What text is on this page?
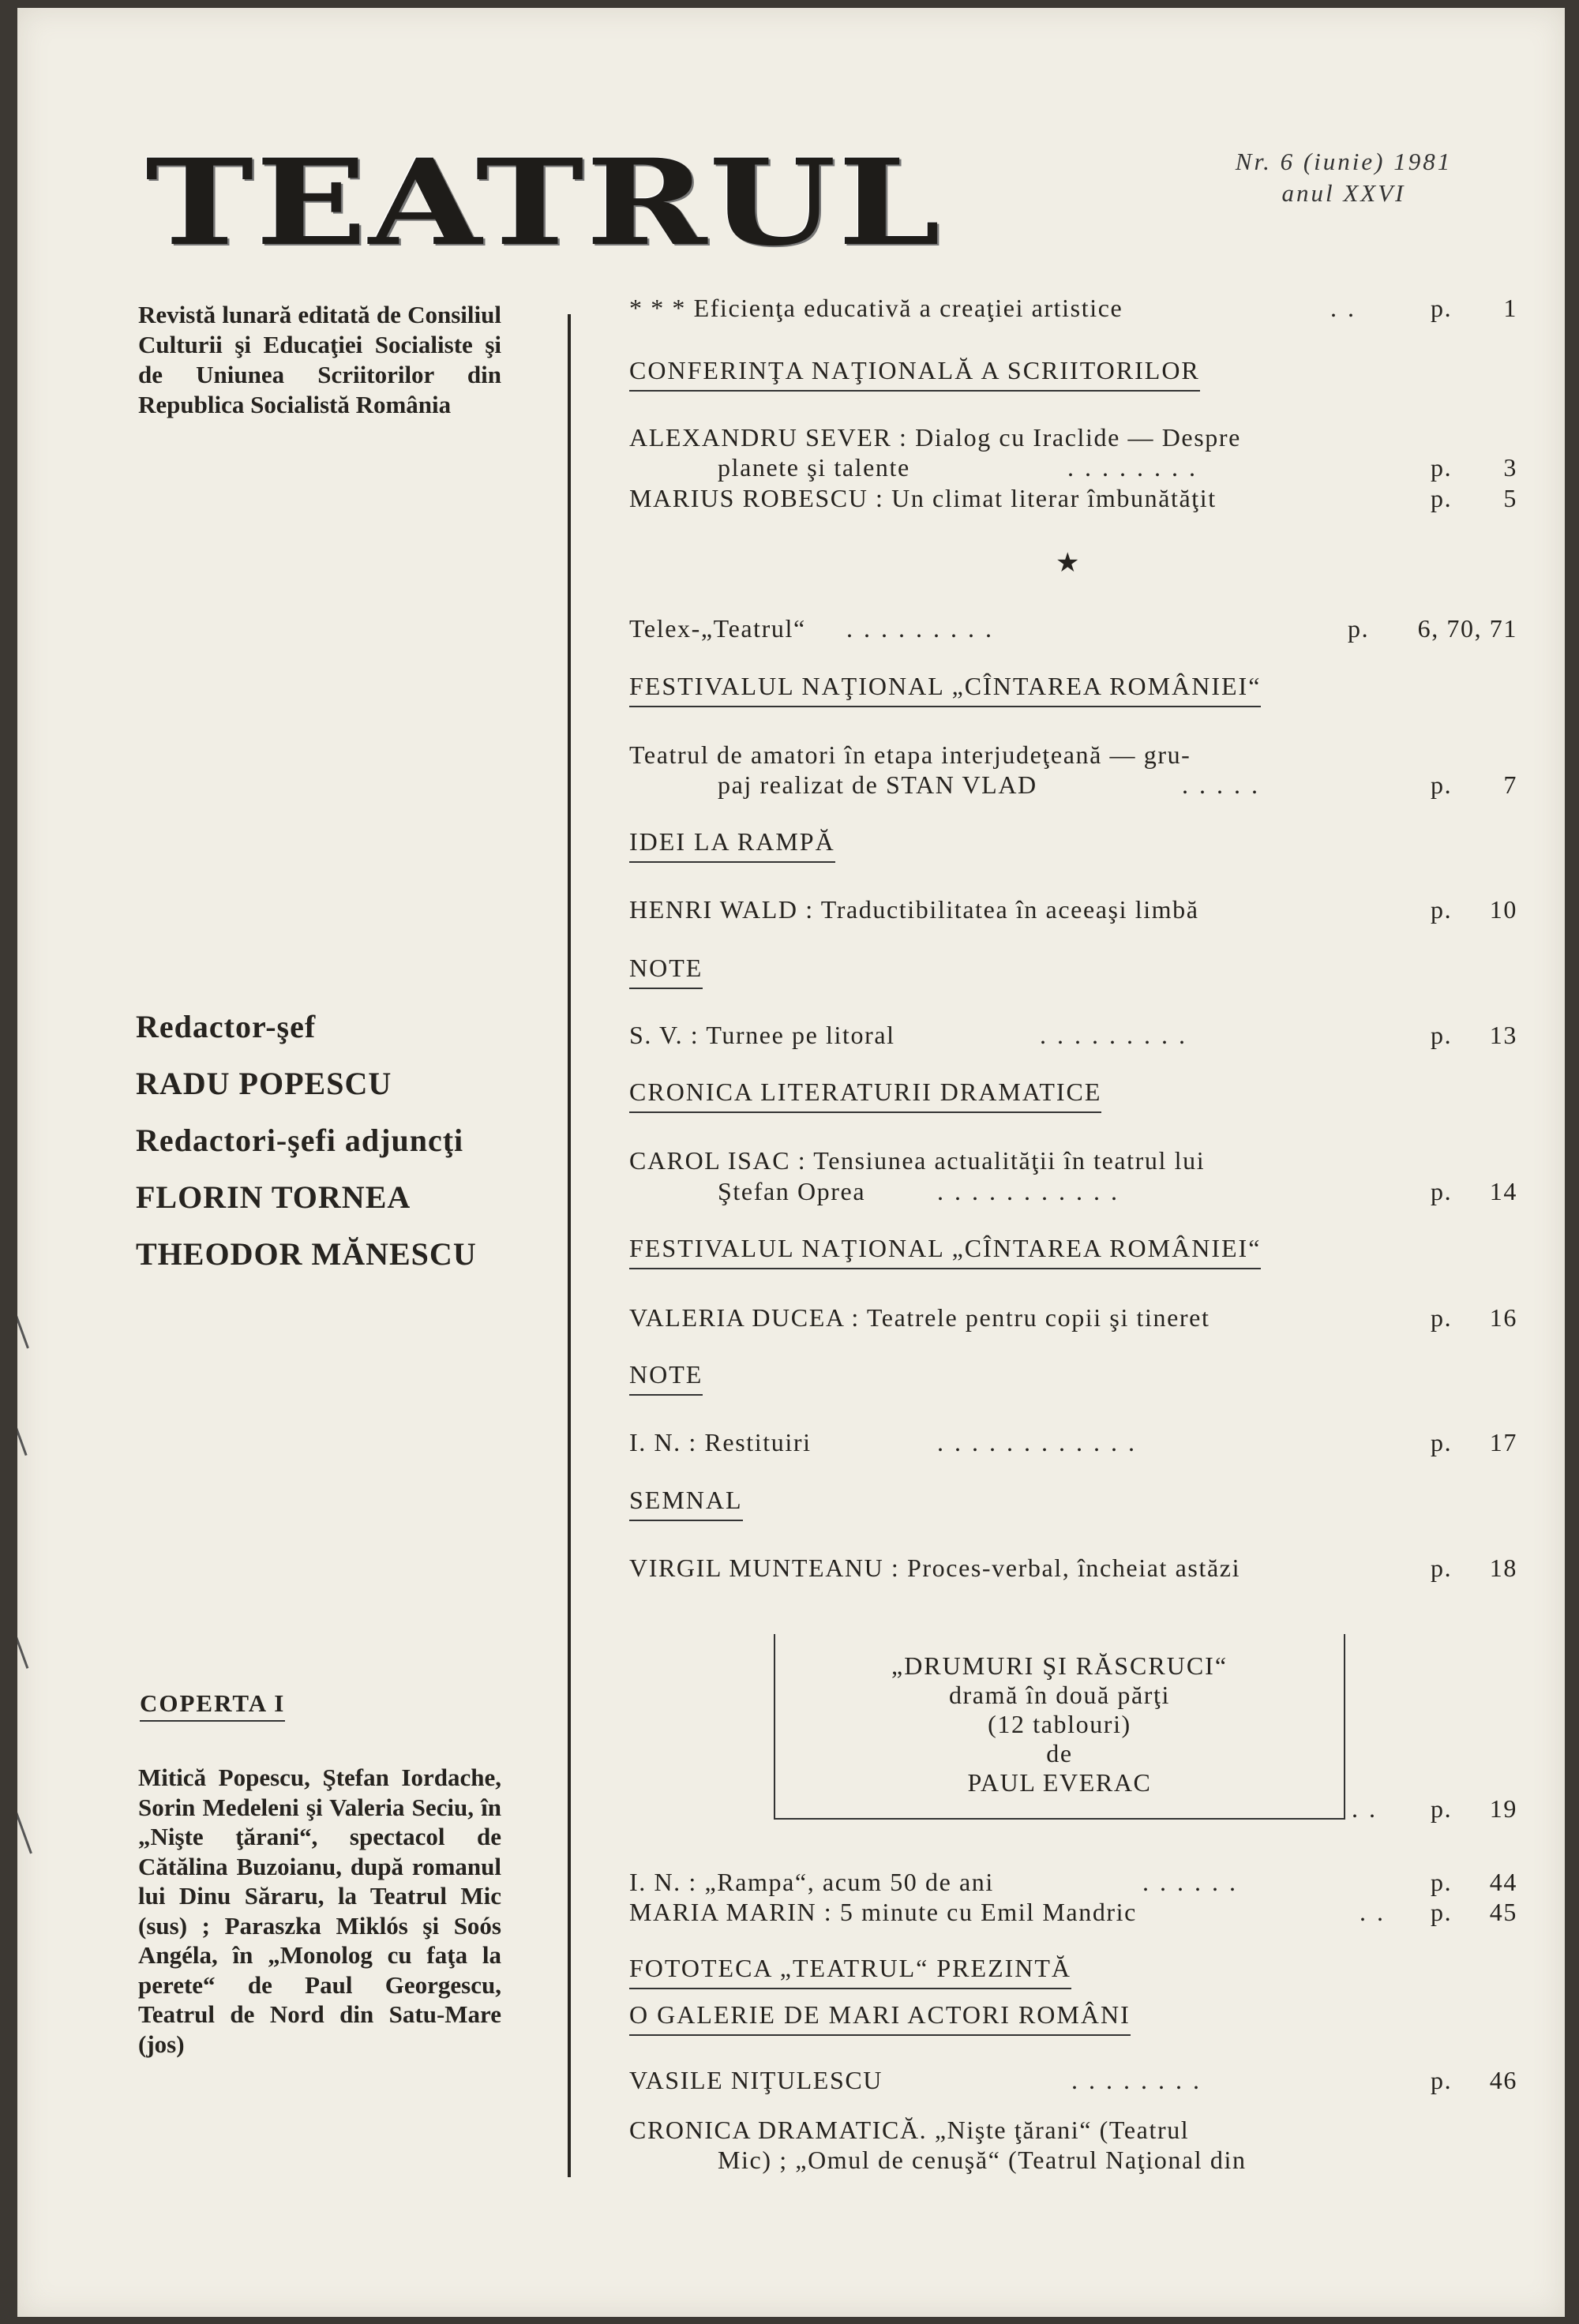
TEATRUL	Nr. 6 (iunie) 1981
anul XXVI
Revistă lunară editată de Consiliul Culturii şi Educaţiei Socialiste şi de Uniunea Scriitorilor din Republica Socialistă România
Redactor-şef
RADU POPESCU
Redactori-şefi adjuncţi
FLORIN TORNEA
THEODOR MĂNESCU
COPERTA I
Mitică Popescu, Ştefan Iordache, Sorin Medeleni şi Valeria Seciu, în „Nişte ţărani“, spectacol de Cătălina Buzoianu, după romanul lui Dinu Săraru, la Teatrul Mic (sus) ; Paraszka Miklós şi Soós Angéla, în „Monolog cu faţa la perete“ de Paul Georgescu, Teatrul de Nord din Satu-Mare (jos)
* * * Eficienţa educativă a creaţiei artistice	..	p. 1
CONFERINŢA NAŢIONALĂ A SCRIITORILOR
ALEXANDRU SEVER : Dialog cu Iraclide — Despre
planete şi talente	........	p. 3
MARIUS ROBESCU : Un climat literar îmbunătăţit	p. 5
★
Telex-„Teatrul“ .........	p. 6, 70, 71
FESTIVALUL NAŢIONAL „CÎNTAREA ROMÂNIEI“
Teatrul de amatori în etapa interjudeţeană — gru-
paj realizat de STAN VLAD	.....	p. 7
IDEI LA RAMPĂ
HENRI WALD : Traductibilitatea în aceeaşi limbă	p. 10
NOTE
S. V. : Turnee pe litoral	.........	p. 13
CRONICA LITERATURII DRAMATICE
CAROL ISAC : Tensiunea actualităţii în teatrul lui
Ştefan Oprea	...........	p. 14
FESTIVALUL NAŢIONAL „CÎNTAREA ROMÂNIEI“
VALERIA DUCEA : Teatrele pentru copii şi tineret	p. 16
NOTE
I. N. : Restituiri	............	p. 17
SEMNAL
VIRGIL MUNTEANU : Proces-verbal, încheiat astăzi	p. 18
„DRUMURI ŞI RĂSCRUCI“
dramă în două părţi
(12 tablouri)
de
PAUL EVERAC
.. p. 19
I. N. : „Rampa“, acum 50 de ani	......	p. 44
MARIA MARIN : 5 minute cu Emil Mandric	.. p. 45
FOTOTECA „TEATRUL“ PREZINTĂ
O GALERIE DE MARI ACTORI ROMÂNI
VASILE NIŢULESCU	........	p. 46
CRONICA DRAMATICĂ. „Nişte ţărani“ (Teatrul
Mic) ; „Omul de cenuşă“ (Teatrul Naţional din
